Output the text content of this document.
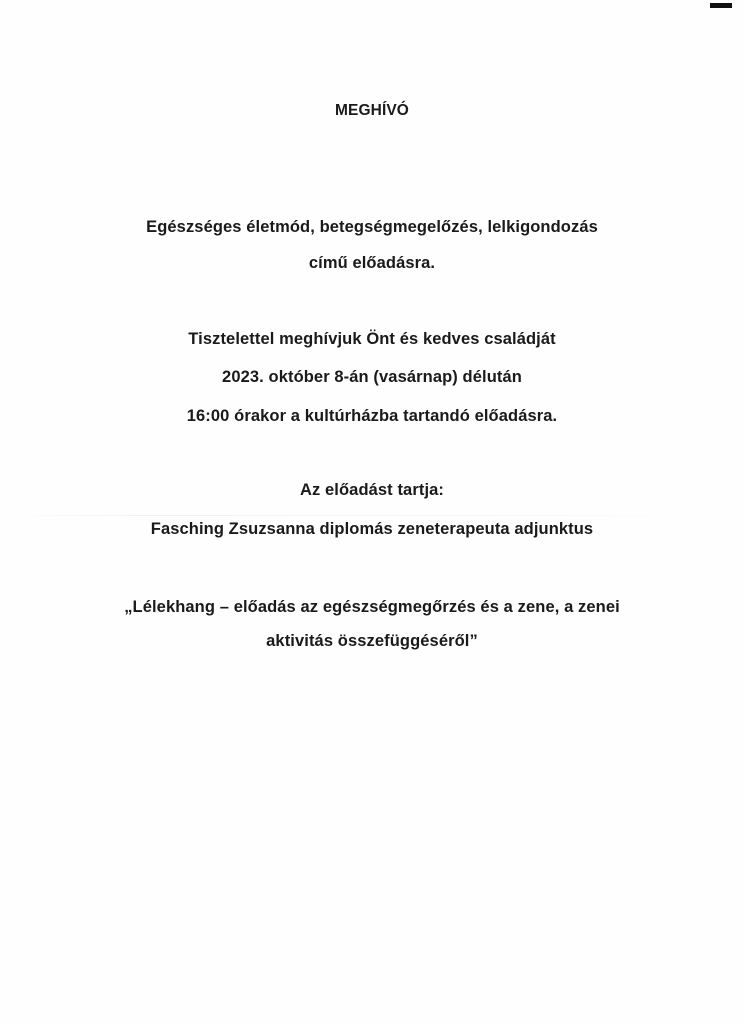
MEGHÍVÓ
Egészséges életmód, betegségmegelőzés, lelkigondozás
című előadásra.
Tisztelettel meghívjuk Önt és kedves családját
2023. október 8-án (vasárnap) délután
16:00 órakor a kultúrházba tartandó előadásra.
Az előadást tartja:
Fasching Zsuzsanna diplomás zeneterapeuta adjunktus
„Lélekhang – előadás az egészségmegőrzés és a zene, a zenei
aktivitás összefüggéséről”
